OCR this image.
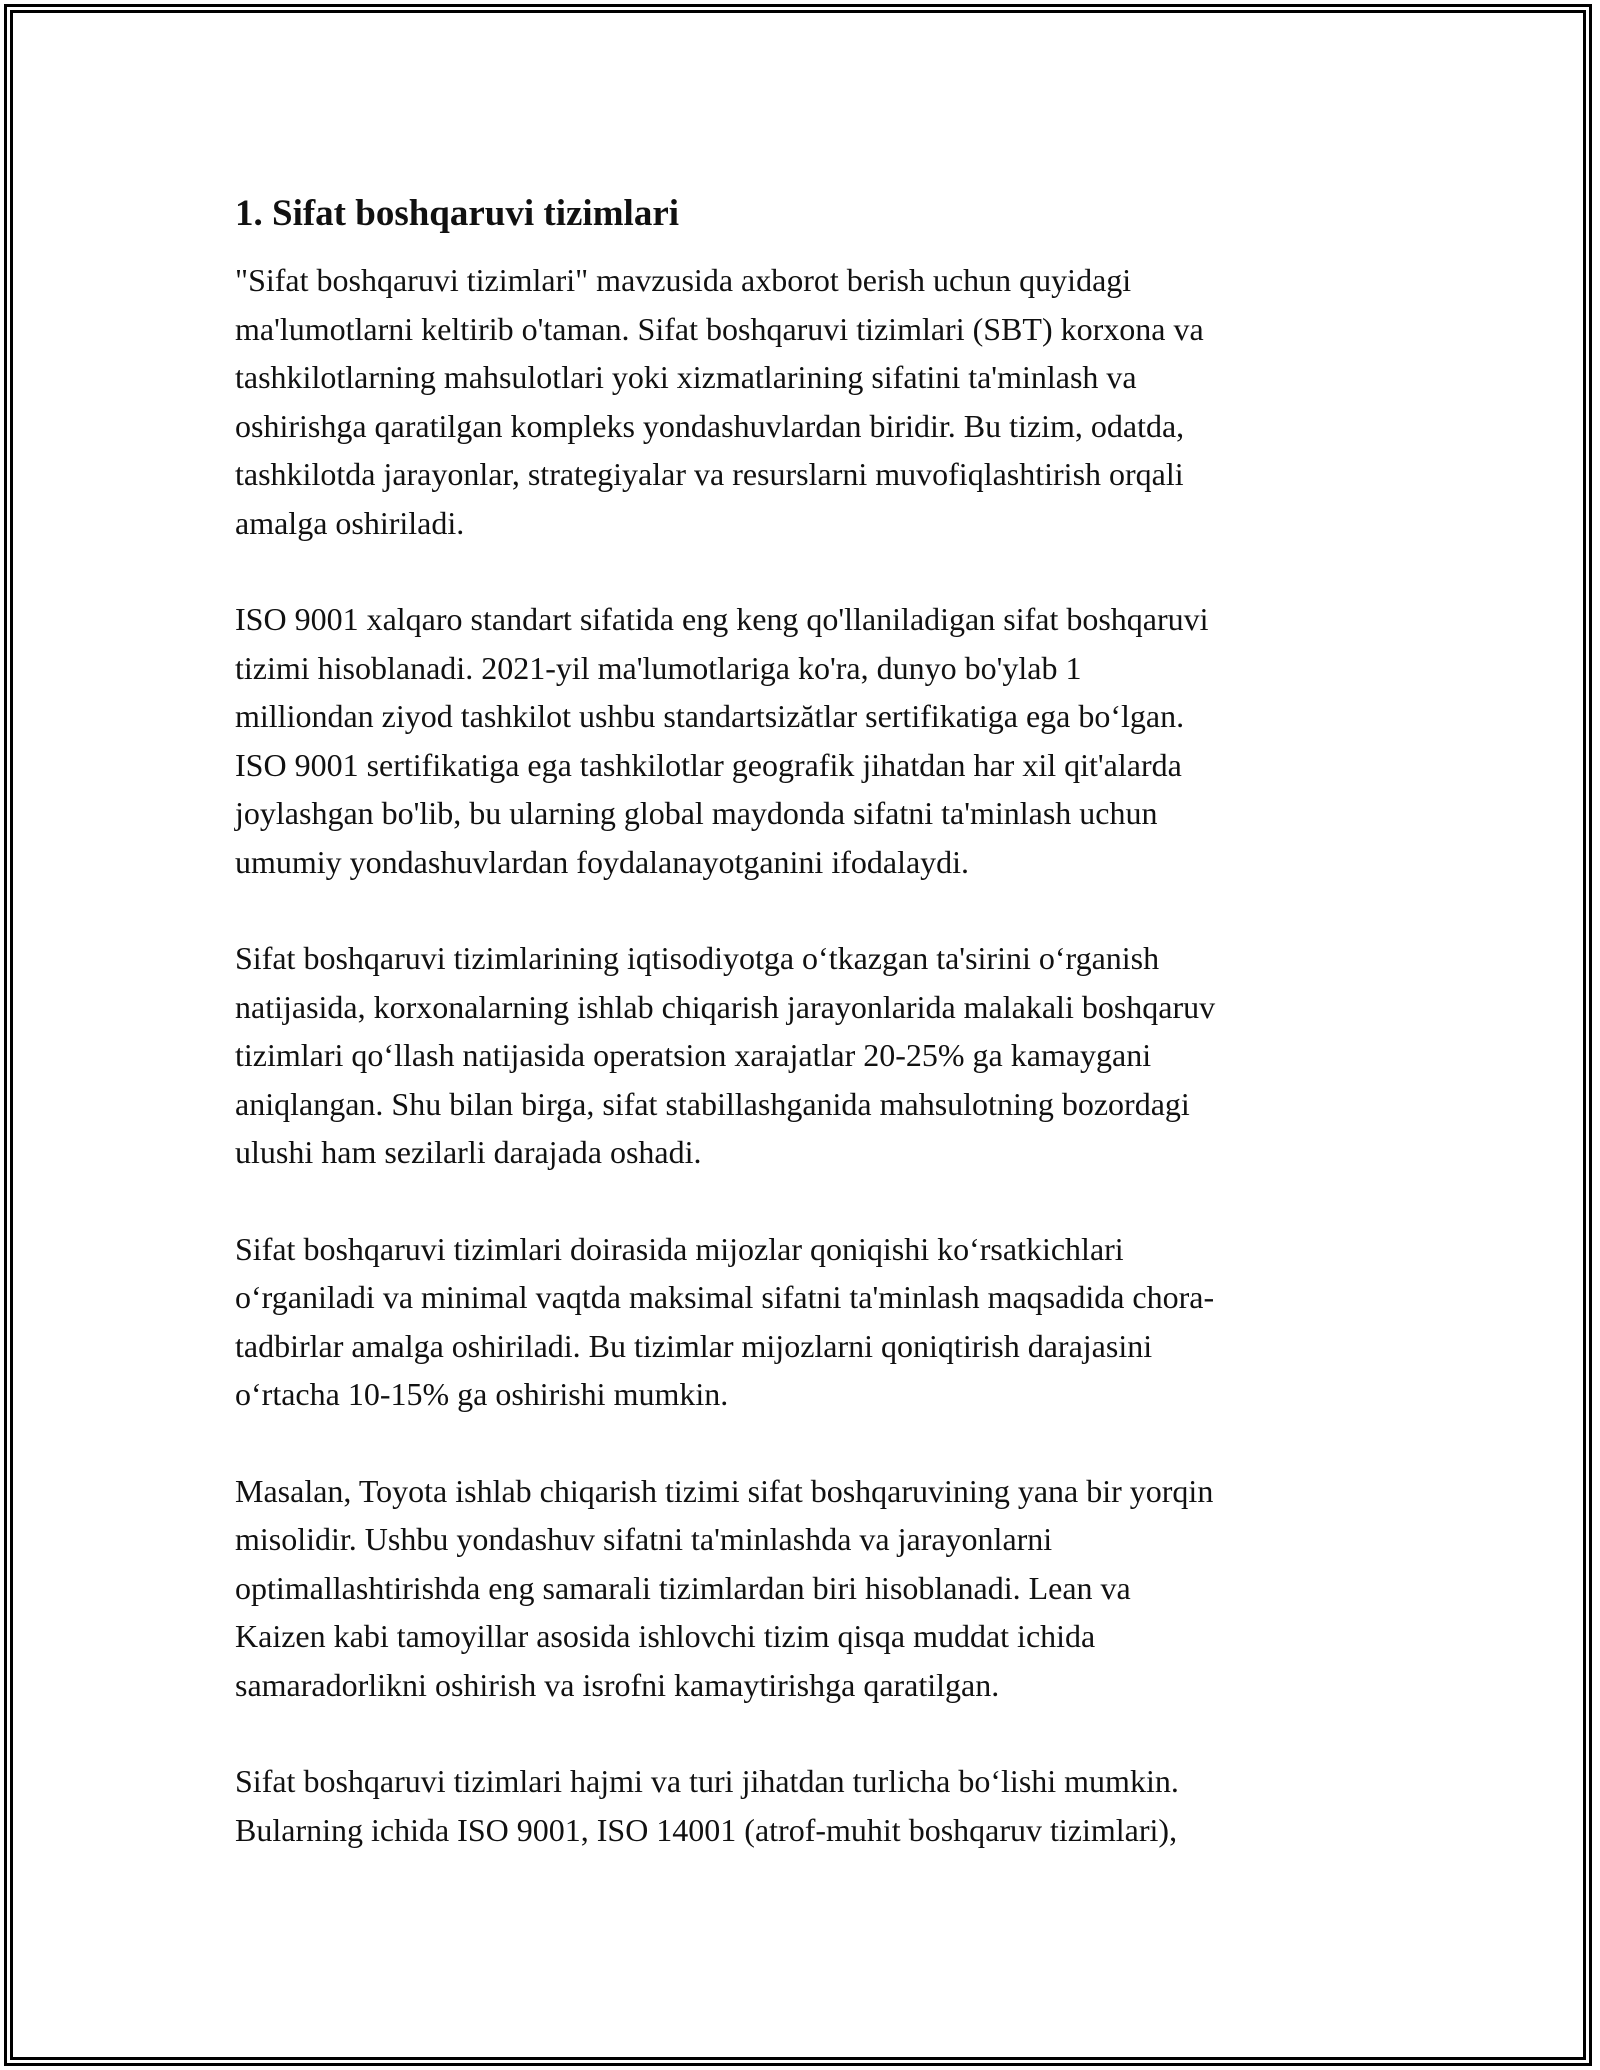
1. Sifat boshqaruvi tizimlari

"Sifat boshqaruvi tizimlari" mavzusida axborot berish uchun quyidagi
ma'lumotlarni keltirib o'taman. Sifat boshqaruvi tizimlari (SBT) korxona va
tashkilotlarning mahsulotlari yoki xizmatlarining sifatini ta'minlash va
oshirishga qaratilgan kompleks yondashuvlardan biridir. Bu tizim, odatda,
tashkilotda jarayonlar, strategiyalar va resurslarni muvofiqlashtirish orqali
amalga oshiriladi.

ISO 9001 xalqaro standart sifatida eng keng qo'llaniladigan sifat boshqaruvi
tizimi hisoblanadi. 2021-yil ma'lumotlariga ko'ra, dunyo bo'ylab 1
milliondan ziyod tashkilot ushbu standartsizătlar sertifikatiga ega boʻlgan.
ISO 9001 sertifikatiga ega tashkilotlar geografik jihatdan har xil qit'alarda
joylashgan bo'lib, bu ularning global maydonda sifatni ta'minlash uchun
umumiy yondashuvlardan foydalanayotganini ifodalaydi.

Sifat boshqaruvi tizimlarining iqtisodiyotga oʻtkazgan ta'sirini oʻrganish
natijasida, korxonalarning ishlab chiqarish jarayonlarida malakali boshqaruv
tizimlari qoʻllash natijasida operatsion xarajatlar 20-25% ga kamaygani
aniqlangan. Shu bilan birga, sifat stabillashganida mahsulotning bozordagi
ulushi ham sezilarli darajada oshadi.

Sifat boshqaruvi tizimlari doirasida mijozlar qoniqishi koʻrsatkichlari
oʻrganiladi va minimal vaqtda maksimal sifatni ta'minlash maqsadida chora-
tadbirlar amalga oshiriladi. Bu tizimlar mijozlarni qoniqtirish darajasini
oʻrtacha 10-15% ga oshirishi mumkin.

Masalan, Toyota ishlab chiqarish tizimi sifat boshqaruvining yana bir yorqin
misolidir. Ushbu yondashuv sifatni ta'minlashda va jarayonlarni
optimallashtirishda eng samarali tizimlardan biri hisoblanadi. Lean va
Kaizen kabi tamoyillar asosida ishlovchi tizim qisqa muddat ichida
samaradorlikni oshirish va isrofni kamaytirishga qaratilgan.

Sifat boshqaruvi tizimlari hajmi va turi jihatdan turlicha boʻlishi mumkin.
Bularning ichida ISO 9001, ISO 14001 (atrof-muhit boshqaruv tizimlari),
